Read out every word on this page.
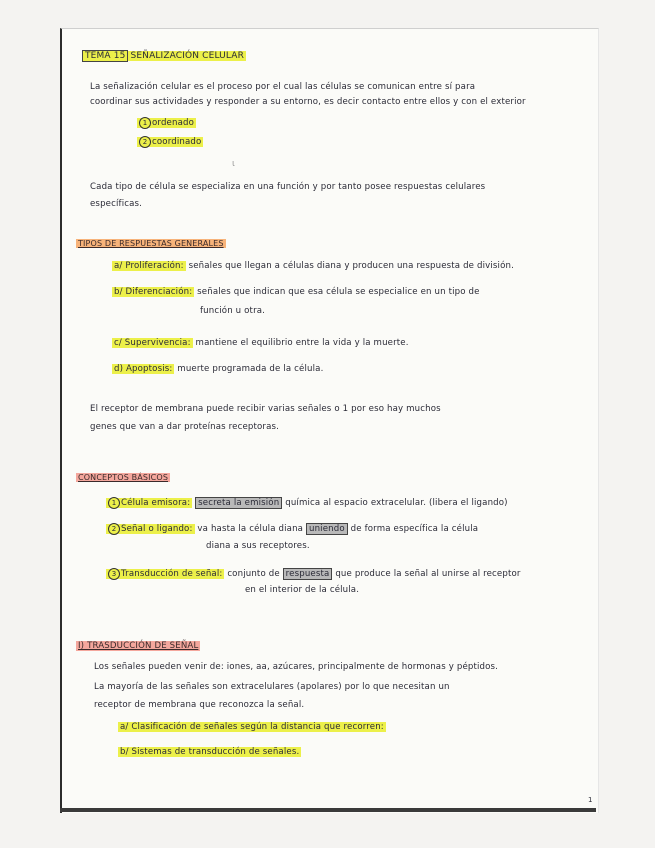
TEMA 15 SEÑALIZACIÓN CELULAR
La señalización celular es el proceso por el cual las células se comunican entre sí para
coordinar sus actividades y responder a su entorno, es decir contacto entre ellos y con el exterior
1 ordenado
2 coordinado
ι
Cada tipo de célula se especializa en una función y por tanto posee respuestas celulares
específicas.
TIPOS DE RESPUESTAS GENERALES
a/ Proliferación: señales que llegan a células diana y producen una respuesta de división.
b/ Diferenciación: señales que indican que esa célula se especialice en un tipo de
función u otra.
c/ Supervivencia: mantiene el equilibrio entre la vida y la muerte.
d) Apoptosis: muerte programada de la célula.
El receptor de membrana puede recibir varias señales o 1 por eso hay muchos
genes que van a dar proteínas receptoras.
CONCEPTOS BÁSICOS
1 Célula emisora: secreta la emisión química al espacio extracelular. (libera el ligando)
2 Señal o ligando: va hasta la célula diana uniendo de forma específica la célula
diana a sus receptores.
3 Transducción de señal: conjunto de respuesta que produce la señal al unirse al receptor
en el interior de la célula.
I) TRASDUCCIÓN DE SEÑAL
Los señales pueden venir de: iones, aa, azúcares, principalmente de hormonas y péptidos.
La mayoría de las señales son extracelulares (apolares) por lo que necesitan un
receptor de membrana que reconozca la señal.
a/ Clasificación de señales según la distancia que recorren:
b/ Sistemas de transducción de señales.
1
